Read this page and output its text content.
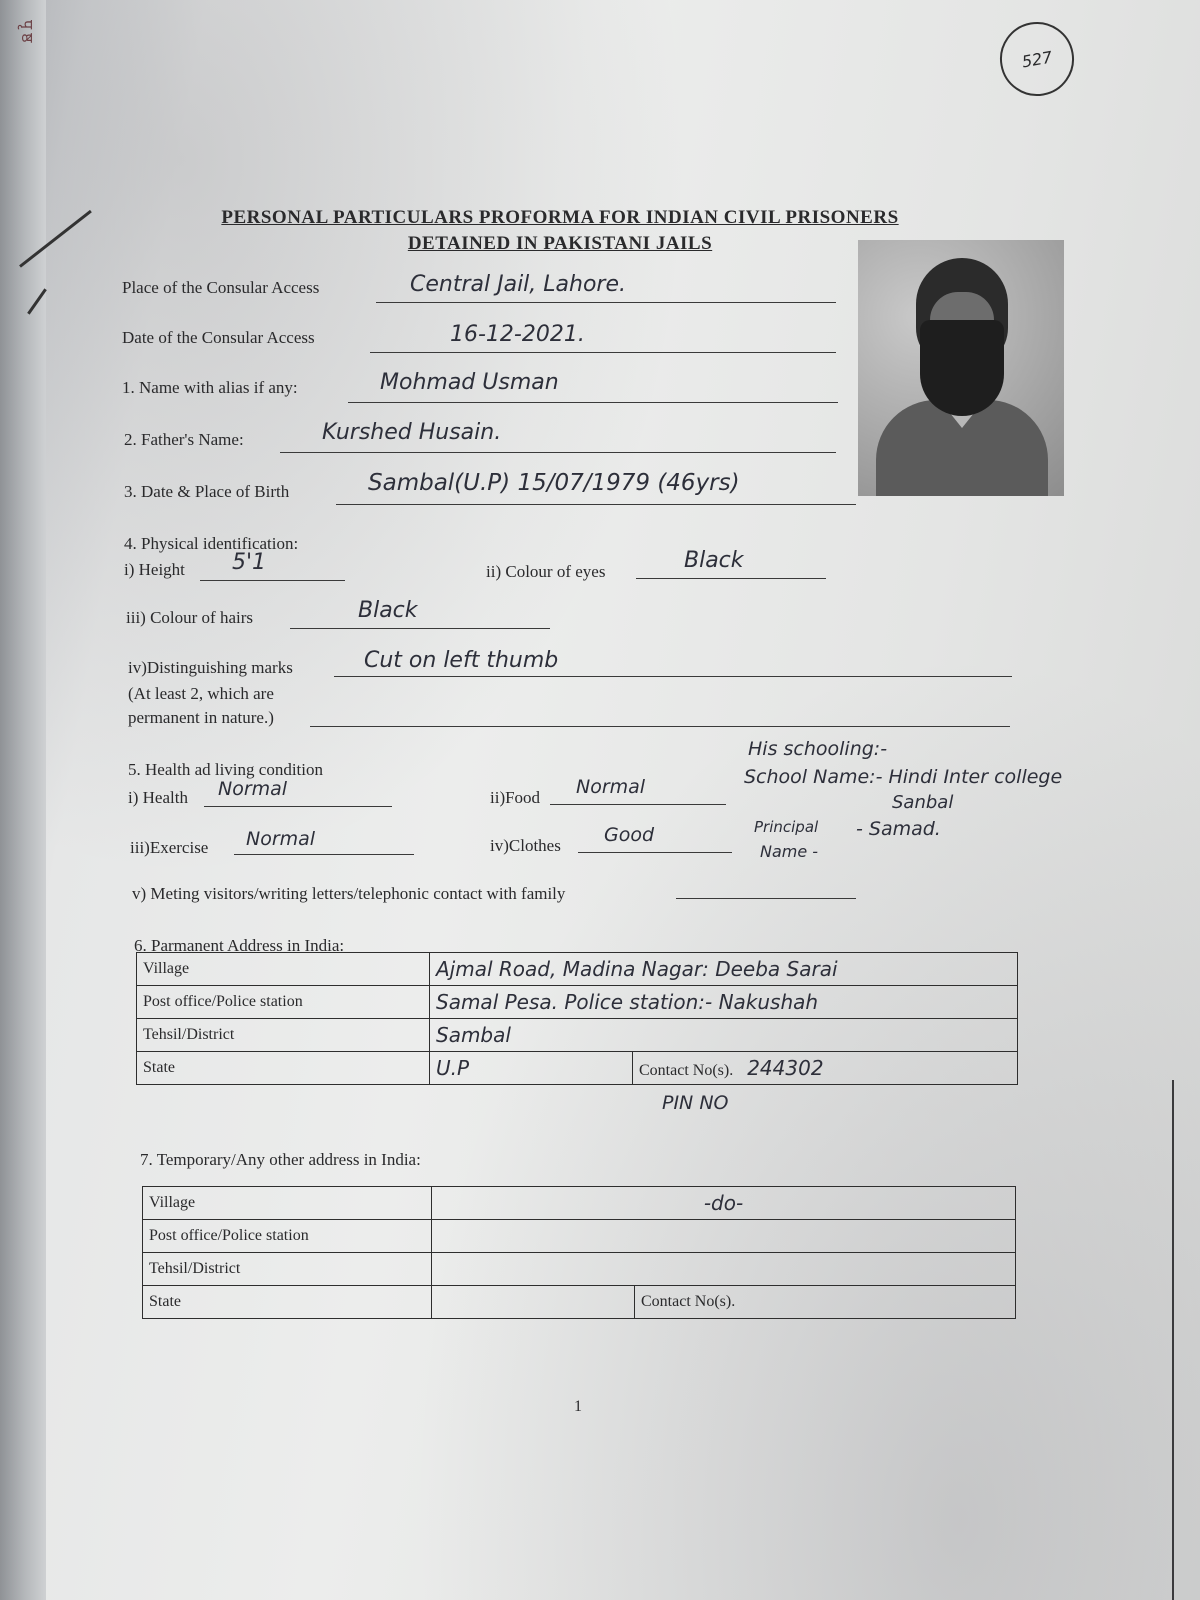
पृष्ठ
527
PERSONAL PARTICULARS PROFORMA FOR INDIAN CIVIL PRISONERS
DETAINED IN PAKISTANI JAILS
Place of the Consular Access	Central Jail, Lahore.
Date of the Consular Access	16-12-2021.
1. Name with alias if any:	Mohmad Usman
2. Father's Name:	Kurshed Husain.
3. Date & Place of Birth	Sambal(U.P) 15/07/1979 (46yrs)
4. Physical identification:
i) Height 5'1	ii) Colour of eyes	Black
iii) Colour of hairs	Black
iv)Distinguishing marks	Cut on left thumb
(At least 2, which are
permanent in nature.)
5. Health ad living condition
i) Health Normal	ii)Food Normal
iii)Exercise Normal	iv)Clothes Good
His schooling:-
School Name:- Hindi Inter college
Sanbal
Principal - Samad.
Name -
v) Meting visitors/writing letters/telephonic contact with family
6. Parmanent Address in India:
Village	Ajmal Road, Madina Nagar: Deeba Sarai	
Post office/Police station	Samal Pesa. Police station:- Nakushah	
Tehsil/District	Sambal	
State	U.P	Contact No(s). 244302
PIN NO
7. Temporary/Any other address in India:
Village	-do-	
Post office/Police station		
Tehsil/District		
State		Contact No(s).
1
